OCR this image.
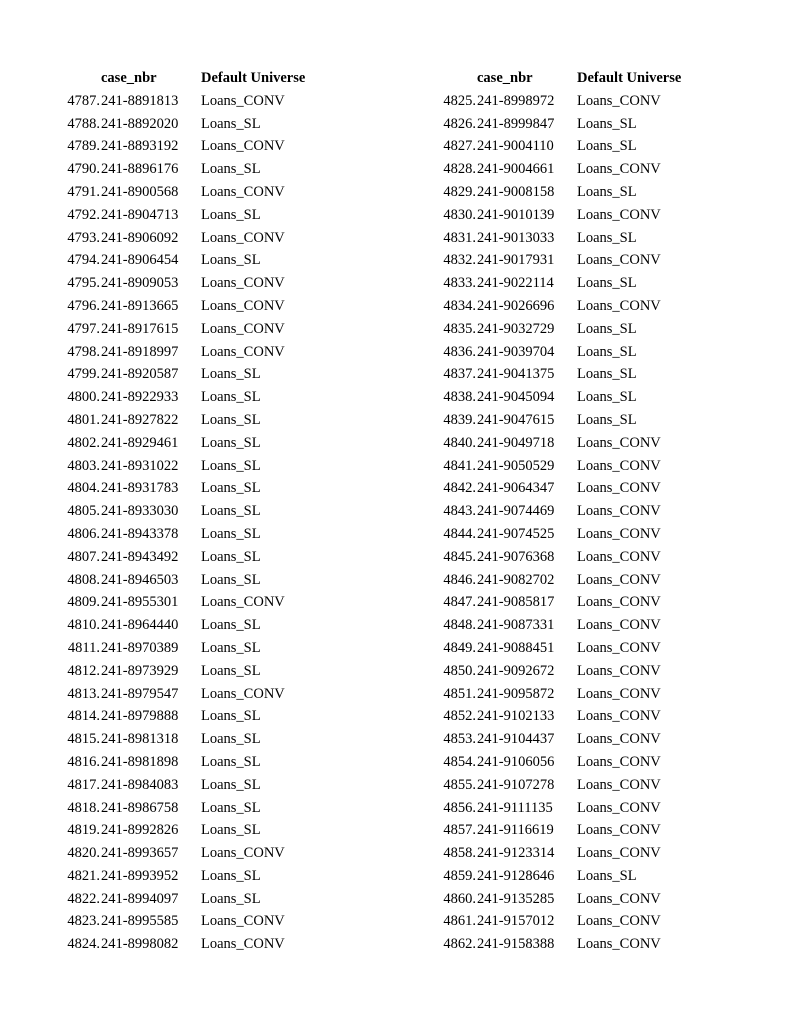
	case_nbr	Default Universe
4787.	241-8891813	Loans_CONV
4788.	241-8892020	Loans_SL
4789.	241-8893192	Loans_CONV
4790.	241-8896176	Loans_SL
4791.	241-8900568	Loans_CONV
4792.	241-8904713	Loans_SL
4793.	241-8906092	Loans_CONV
4794.	241-8906454	Loans_SL
4795.	241-8909053	Loans_CONV
4796.	241-8913665	Loans_CONV
4797.	241-8917615	Loans_CONV
4798.	241-8918997	Loans_CONV
4799.	241-8920587	Loans_SL
4800.	241-8922933	Loans_SL
4801.	241-8927822	Loans_SL
4802.	241-8929461	Loans_SL
4803.	241-8931022	Loans_SL
4804.	241-8931783	Loans_SL
4805.	241-8933030	Loans_SL
4806.	241-8943378	Loans_SL
4807.	241-8943492	Loans_SL
4808.	241-8946503	Loans_SL
4809.	241-8955301	Loans_CONV
4810.	241-8964440	Loans_SL
4811.	241-8970389	Loans_SL
4812.	241-8973929	Loans_SL
4813.	241-8979547	Loans_CONV
4814.	241-8979888	Loans_SL
4815.	241-8981318	Loans_SL
4816.	241-8981898	Loans_SL
4817.	241-8984083	Loans_SL
4818.	241-8986758	Loans_SL
4819.	241-8992826	Loans_SL
4820.	241-8993657	Loans_CONV
4821.	241-8993952	Loans_SL
4822.	241-8994097	Loans_SL
4823.	241-8995585	Loans_CONV
4824.	241-8998082	Loans_CONV
	case_nbr	Default Universe
4825.	241-8998972	Loans_CONV
4826.	241-8999847	Loans_SL
4827.	241-9004110	Loans_SL
4828.	241-9004661	Loans_CONV
4829.	241-9008158	Loans_SL
4830.	241-9010139	Loans_CONV
4831.	241-9013033	Loans_SL
4832.	241-9017931	Loans_CONV
4833.	241-9022114	Loans_SL
4834.	241-9026696	Loans_CONV
4835.	241-9032729	Loans_SL
4836.	241-9039704	Loans_SL
4837.	241-9041375	Loans_SL
4838.	241-9045094	Loans_SL
4839.	241-9047615	Loans_SL
4840.	241-9049718	Loans_CONV
4841.	241-9050529	Loans_CONV
4842.	241-9064347	Loans_CONV
4843.	241-9074469	Loans_CONV
4844.	241-9074525	Loans_CONV
4845.	241-9076368	Loans_CONV
4846.	241-9082702	Loans_CONV
4847.	241-9085817	Loans_CONV
4848.	241-9087331	Loans_CONV
4849.	241-9088451	Loans_CONV
4850.	241-9092672	Loans_CONV
4851.	241-9095872	Loans_CONV
4852.	241-9102133	Loans_CONV
4853.	241-9104437	Loans_CONV
4854.	241-9106056	Loans_CONV
4855.	241-9107278	Loans_CONV
4856.	241-9111135	Loans_CONV
4857.	241-9116619	Loans_CONV
4858.	241-9123314	Loans_CONV
4859.	241-9128646	Loans_SL
4860.	241-9135285	Loans_CONV
4861.	241-9157012	Loans_CONV
4862.	241-9158388	Loans_CONV
